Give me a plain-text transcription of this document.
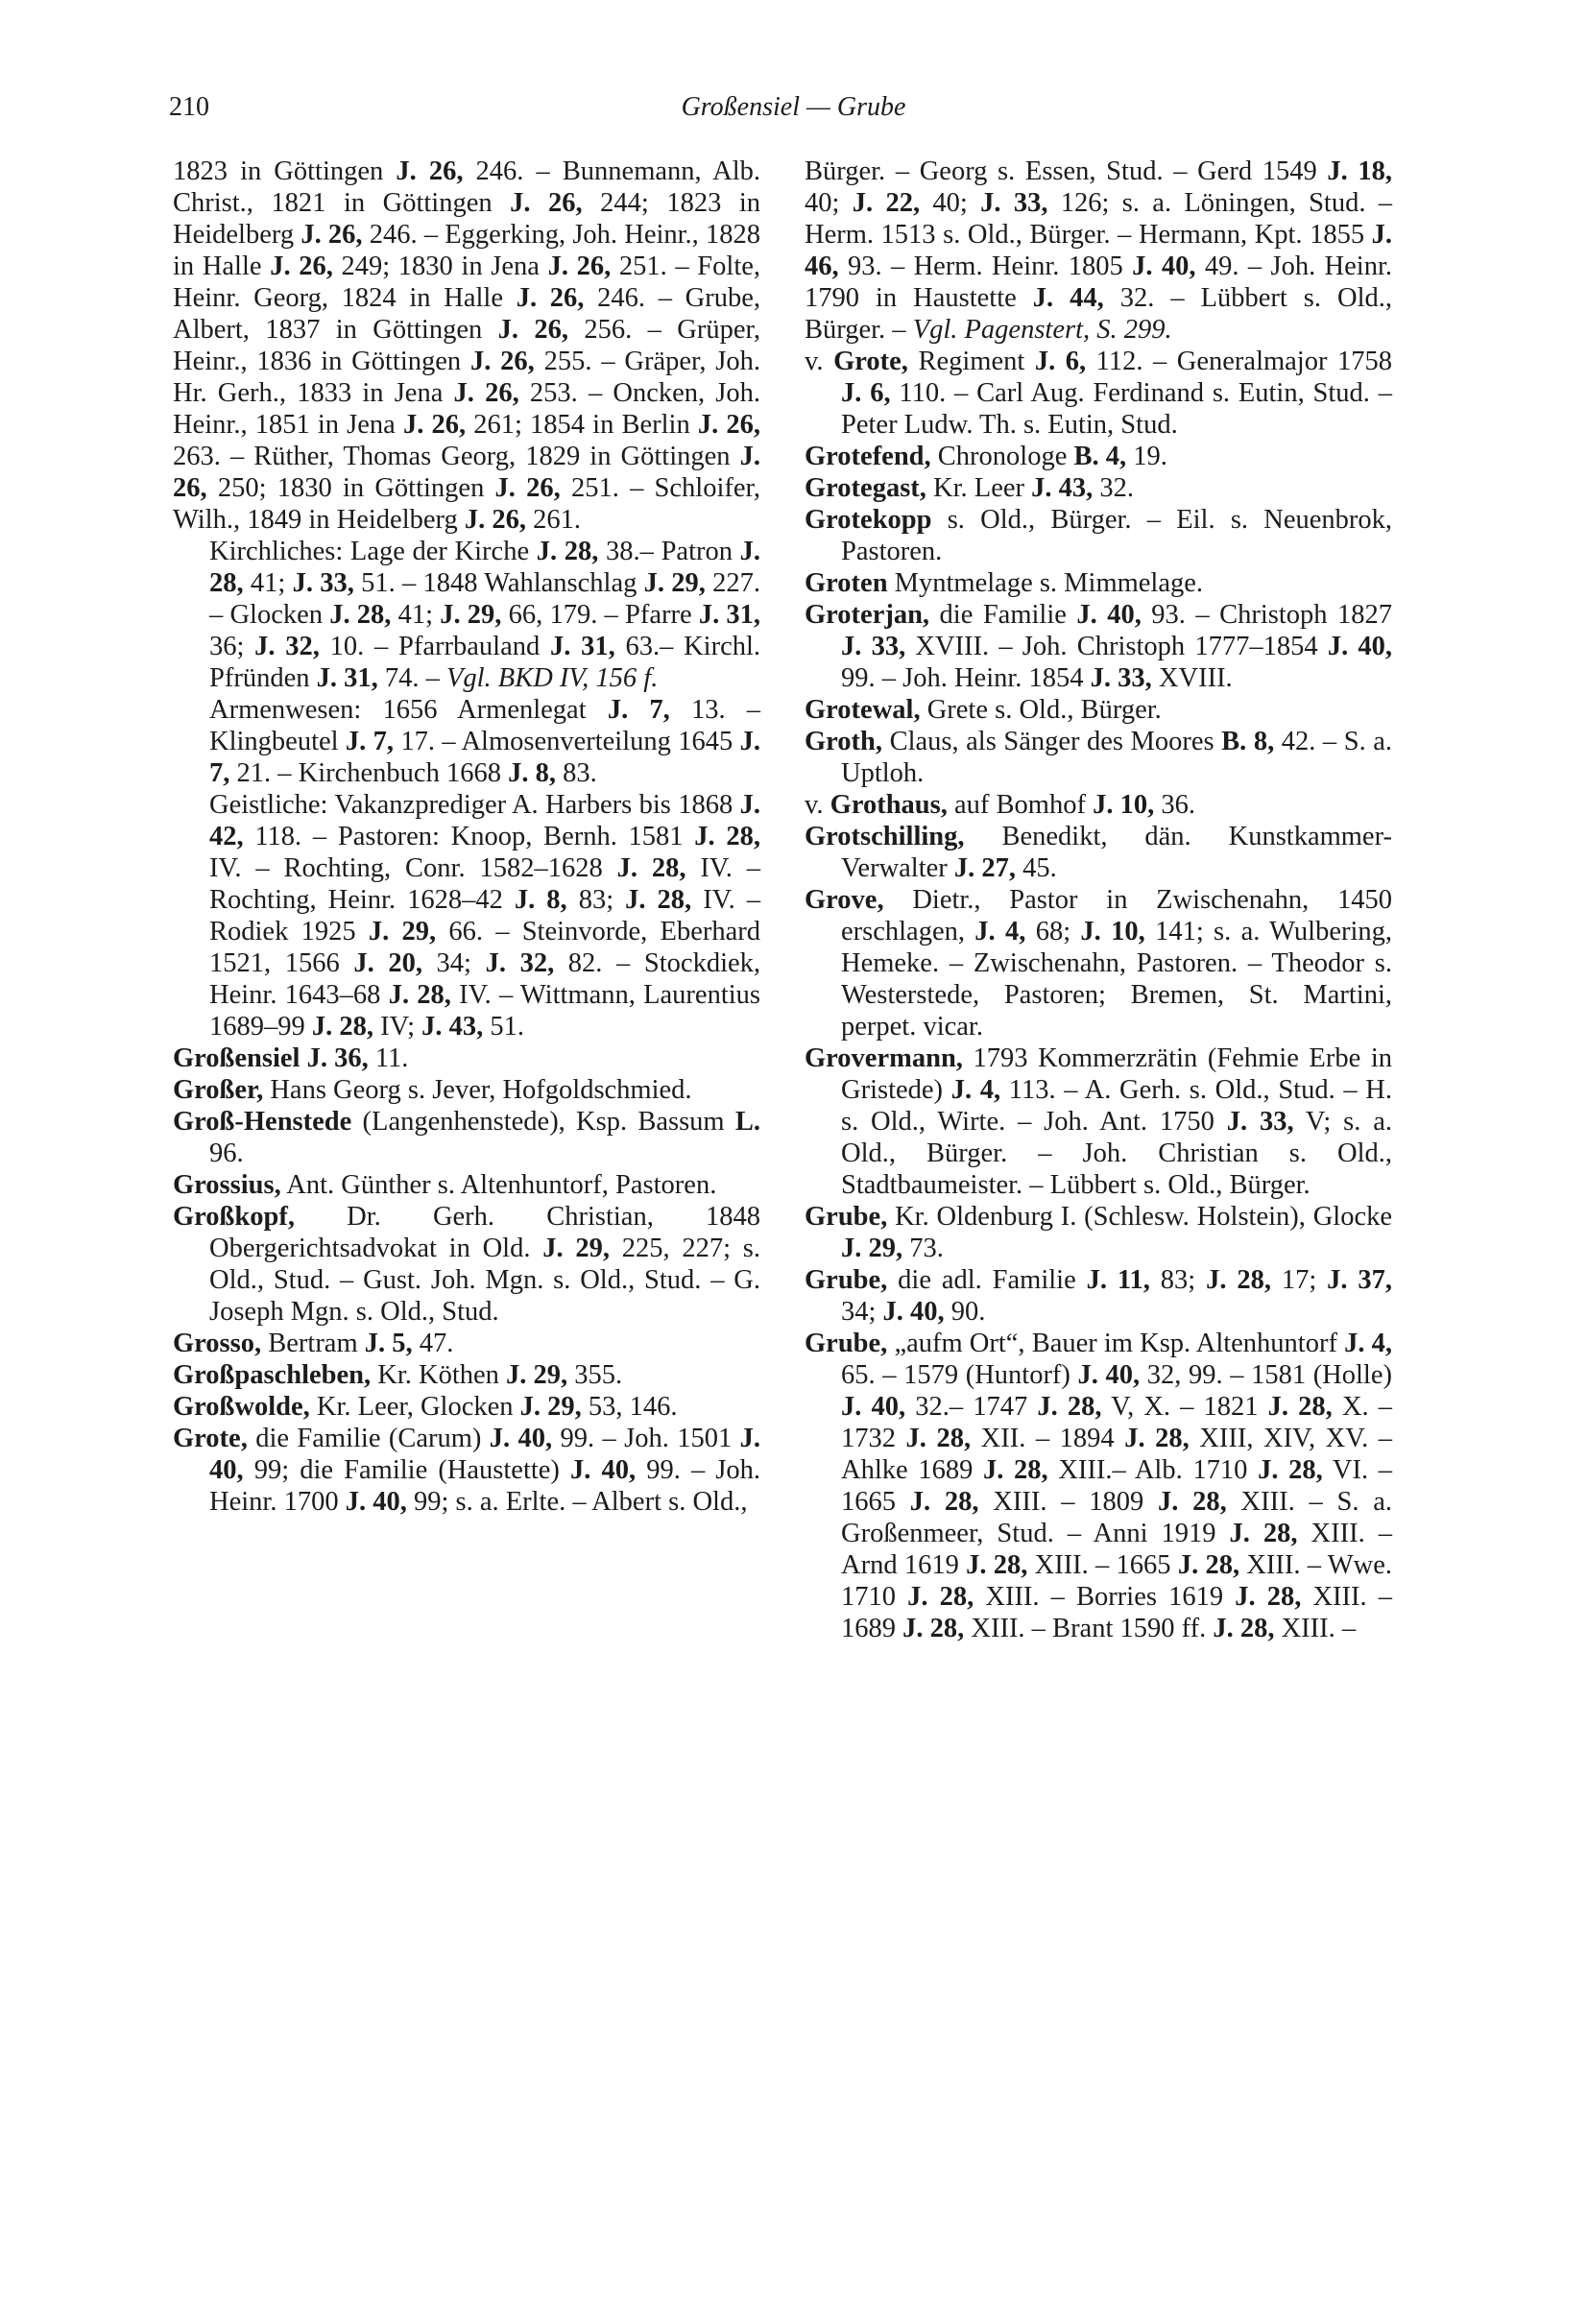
210	Großensiel — Grube

1823 in Göttingen J. 26, 246. – Bunnemann, Alb. Christ., 1821 in Göttingen J. 26, 244; 1823 in Heidelberg J. 26, 246. – Eggerking, Joh. Heinr., 1828 in Halle J. 26, 249; 1830 in Jena J. 26, 251. – Folte, Heinr. Georg, 1824 in Halle J. 26, 246. – Grube, Albert, 1837 in Göttingen J. 26, 256. – Grüper, Heinr., 1836 in Göttingen J. 26, 255. – Gräper, Joh. Hr. Gerh., 1833 in Jena J. 26, 253. – Oncken, Joh. Heinr., 1851 in Jena J. 26, 261; 1854 in Berlin J. 26, 263. – Rüther, Thomas Georg, 1829 in Göttingen J. 26, 250; 1830 in Göttingen J. 26, 251. – Schloifer, Wilh., 1849 in Heidelberg J. 26, 261.

Kirchliches: Lage der Kirche J. 28, 38.– Patron J. 28, 41; J. 33, 51. – 1848 Wahlanschlag J. 29, 227. – Glocken J. 28, 41; J. 29, 66, 179. – Pfarre J. 31, 36; J. 32, 10. – Pfarrbauland J. 31, 63.– Kirchl. Pfründen J. 31, 74. – Vgl. BKD IV, 156 f.

Armenwesen: 1656 Armenlegat J. 7, 13. – Klingbeutel J. 7, 17. – Almosenverteilung 1645 J. 7, 21. – Kirchenbuch 1668 J. 8, 83.

Geistliche: Vakanzprediger A. Harbers bis 1868 J. 42, 118. – Pastoren: Knoop, Bernh. 1581 J. 28, IV. – Rochting, Conr. 1582–1628 J. 28, IV. – Rochting, Heinr. 1628–42 J. 8, 83; J. 28, IV. – Rodiek 1925 J. 29, 66. – Steinvorde, Eberhard 1521, 1566 J. 20, 34; J. 32, 82. – Stockdiek, Heinr. 1643–68 J. 28, IV. – Wittmann, Laurentius 1689–99 J. 28, IV; J. 43, 51.

Großensiel J. 36, 11.

Großer, Hans Georg s. Jever, Hofgoldschmied.

Groß-Henstede (Langenhenstede), Ksp. Bassum L. 96.

Grossius, Ant. Günther s. Altenhuntorf, Pastoren.

Großkopf, Dr. Gerh. Christian, 1848 Obergerichtsadvokat in Old. J. 29, 225, 227; s. Old., Stud. – Gust. Joh. Mgn. s. Old., Stud. – G. Joseph Mgn. s. Old., Stud.

Grosso, Bertram J. 5, 47.

Großpaschleben, Kr. Köthen J. 29, 355.

Großwolde, Kr. Leer, Glocken J. 29, 53, 146.

Grote, die Familie (Carum) J. 40, 99. – Joh. 1501 J. 40, 99; die Familie (Haustette) J. 40, 99. – Joh. Heinr. 1700 J. 40, 99; s. a. Erlte. – Albert s. Old.,

Bürger. – Georg s. Essen, Stud. – Gerd 1549 J. 18, 40; J. 22, 40; J. 33, 126; s. a. Löningen, Stud. – Herm. 1513 s. Old., Bürger. – Hermann, Kpt. 1855 J. 46, 93. – Herm. Heinr. 1805 J. 40, 49. – Joh. Heinr. 1790 in Haustette J. 44, 32. – Lübbert s. Old., Bürger. – Vgl. Pagenstert, S. 299.

v. Grote, Regiment J. 6, 112. – Generalmajor 1758 J. 6, 110. – Carl Aug. Ferdinand s. Eutin, Stud. – Peter Ludw. Th. s. Eutin, Stud.

Grotefend, Chronologe B. 4, 19.

Grotegast, Kr. Leer J. 43, 32.

Grotekopp s. Old., Bürger. – Eil. s. Neuenbrok, Pastoren.

Groten Myntmelage s. Mimmelage.

Groterjan, die Familie J. 40, 93. – Christoph 1827 J. 33, XVIII. – Joh. Christoph 1777–1854 J. 40, 99. – Joh. Heinr. 1854 J. 33, XVIII.

Grotewal, Grete s. Old., Bürger.

Groth, Claus, als Sänger des Moores B. 8, 42. – S. a. Uptloh.

v. Grothaus, auf Bomhof J. 10, 36.

Grotschilling, Benedikt, dän. Kunstkammer-Verwalter J. 27, 45.

Grove, Dietr., Pastor in Zwischenahn, 1450 erschlagen, J. 4, 68; J. 10, 141; s. a. Wulbering, Hemeke. – Zwischenahn, Pastoren. – Theodor s. Westerstede, Pastoren; Bremen, St. Martini, perpet. vicar.

Grovermann, 1793 Kommerzrätin (Fehmie Erbe in Gristede) J. 4, 113. – A. Gerh. s. Old., Stud. – H. s. Old., Wirte. – Joh. Ant. 1750 J. 33, V; s. a. Old., Bürger. – Joh. Christian s. Old., Stadtbaumeister. – Lübbert s. Old., Bürger.

Grube, Kr. Oldenburg I. (Schlesw. Holstein), Glocke J. 29, 73.

Grube, die adl. Familie J. 11, 83; J. 28, 17; J. 37, 34; J. 40, 90.

Grube, „aufm Ort“, Bauer im Ksp. Altenhuntorf J. 4, 65. – 1579 (Huntorf) J. 40, 32, 99. – 1581 (Holle) J. 40, 32.– 1747 J. 28, V, X. – 1821 J. 28, X. – 1732 J. 28, XII. – 1894 J. 28, XIII, XIV, XV. – Ahlke 1689 J. 28, XIII.– Alb. 1710 J. 28, VI. – 1665 J. 28, XIII. – 1809 J. 28, XIII. – S. a. Großenmeer, Stud. – Anni 1919 J. 28, XIII. – Arnd 1619 J. 28, XIII. – 1665 J. 28, XIII. – Wwe. 1710 J. 28, XIII. – Borries 1619 J. 28, XIII. – 1689 J. 28, XIII. – Brant 1590 ff. J. 28, XIII. –
